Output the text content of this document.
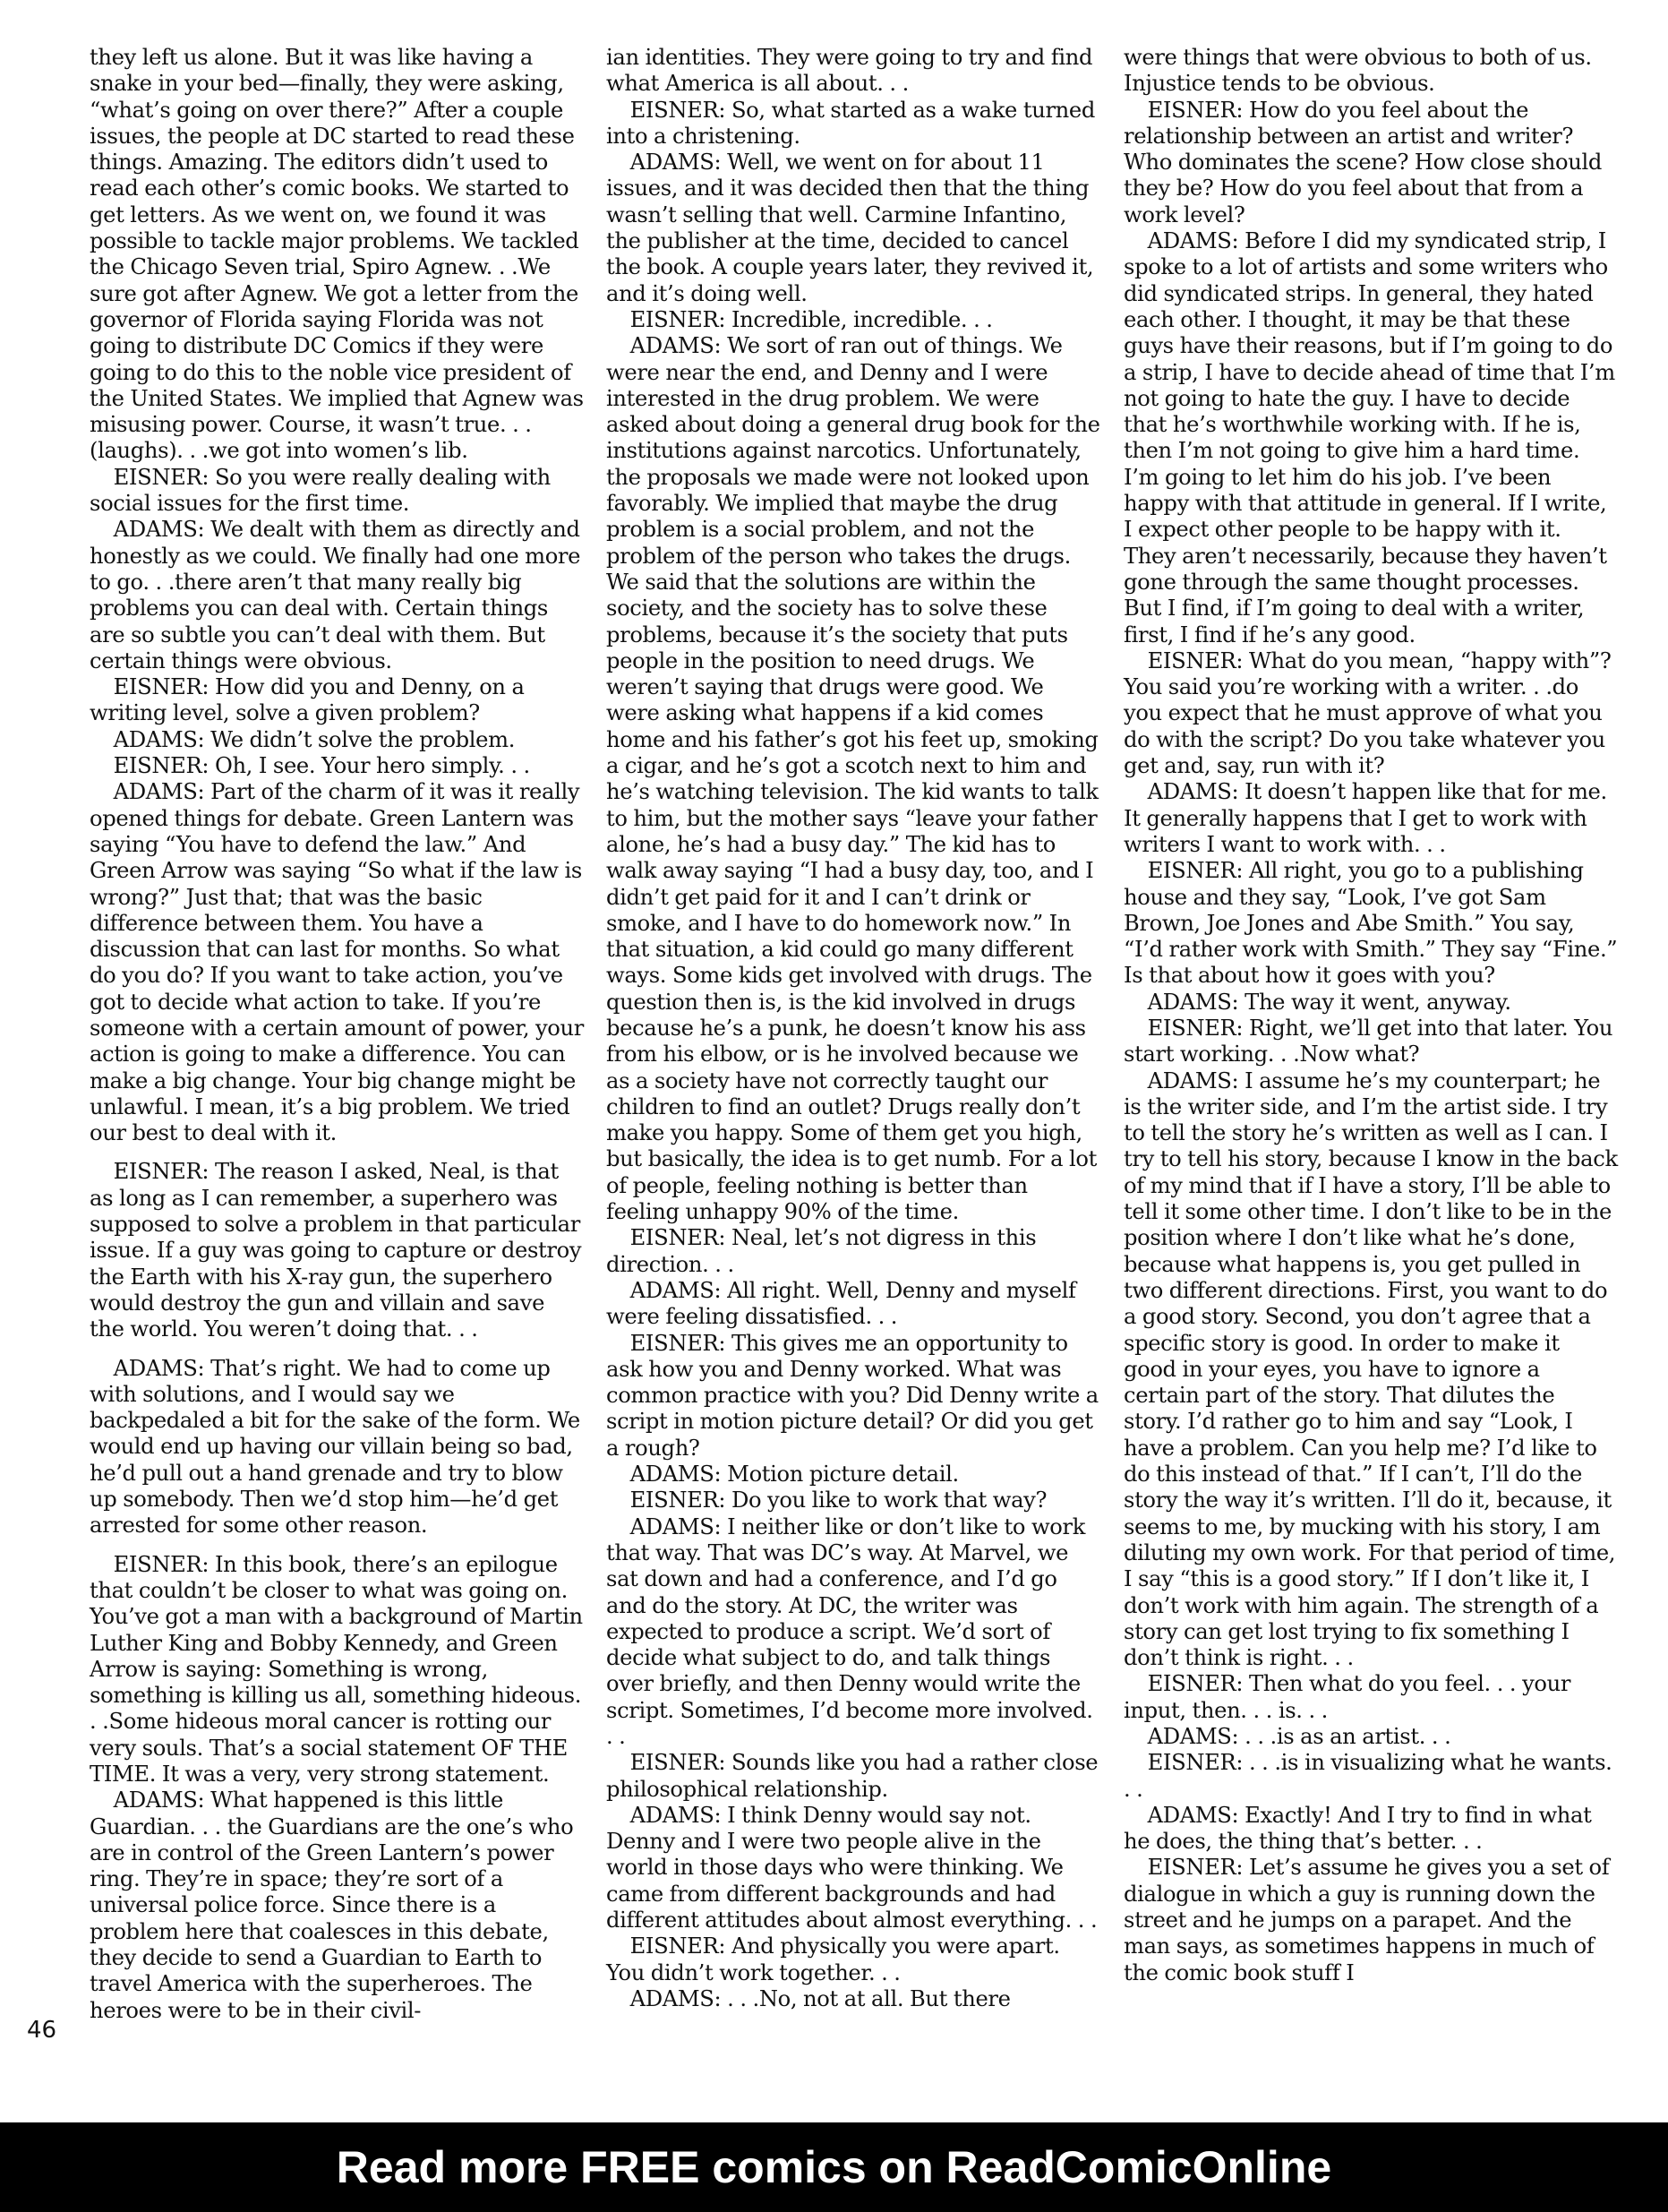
they left us alone. But it was like having a snake in your bed—finally, they were asking, “what’s going on over there?” After a couple issues, the people at DC started to read these things. Amazing. The editors didn’t used to read each other’s comic books. We started to get letters. As we went on, we found it was possible to tackle major problems. We tackled the Chicago Seven trial, Spiro Agnew. . .We sure got after Agnew. We got a letter from the governor of Florida saying Florida was not going to distribute DC Comics if they were going to do this to the noble vice president of the United States. We implied that Agnew was misusing power. Course, it wasn’t true. . .(laughs). . .we got into women’s lib.

EISNER: So you were really dealing with social issues for the first time.

ADAMS: We dealt with them as directly and honestly as we could. We finally had one more to go. . .there aren’t that many really big problems you can deal with. Certain things are so subtle you can’t deal with them. But certain things were obvious.

EISNER: How did you and Denny, on a writing level, solve a given problem?

ADAMS: We didn’t solve the problem.

EISNER: Oh, I see. Your hero simply. . .

ADAMS: Part of the charm of it was it really opened things for debate. Green Lantern was saying “You have to defend the law.” And Green Arrow was saying “So what if the law is wrong?” Just that; that was the basic difference between them. You have a discussion that can last for months. So what do you do? If you want to take action, you’ve got to decide what action to take. If you’re someone with a certain amount of power, your action is going to make a difference. You can make a big change. Your big change might be unlawful. I mean, it’s a big problem. We tried our best to deal with it.

EISNER: The reason I asked, Neal, is that as long as I can remember, a superhero was supposed to solve a problem in that particular issue. If a guy was going to capture or destroy the Earth with his X-ray gun, the superhero would destroy the gun and villain and save the world. You weren’t doing that. . .

ADAMS: That’s right. We had to come up with solutions, and I would say we backpedaled a bit for the sake of the form. We would end up having our villain being so bad, he’d pull out a hand grenade and try to blow up somebody. Then we’d stop him—he’d get arrested for some other reason.

EISNER: In this book, there’s an epilogue that couldn’t be closer to what was going on. You’ve got a man with a background of Martin Luther King and Bobby Kennedy, and Green Arrow is saying: Something is wrong, something is killing us all, something hideous. . .Some hideous moral cancer is rotting our very souls. That’s a social statement OF THE TIME. It was a very, very strong statement.

ADAMS: What happened is this little Guardian. . . the Guardians are the one’s who are in control of the Green Lantern’s power ring. They’re in space; they’re sort of a universal police force. Since there is a problem here that coalesces in this debate, they decide to send a Guardian to Earth to travel America with the superheroes. The heroes were to be in their civil-

ian identities. They were going to try and find what America is all about. . .

EISNER: So, what started as a wake turned into a christening.

ADAMS: Well, we went on for about 11 issues, and it was decided then that the thing wasn’t selling that well. Carmine Infantino, the publisher at the time, decided to cancel the book. A couple years later, they revived it, and it’s doing well.

EISNER: Incredible, incredible. . .

ADAMS: We sort of ran out of things. We were near the end, and Denny and I were interested in the drug problem. We were asked about doing a general drug book for the institutions against narcotics. Unfortunately, the proposals we made were not looked upon favorably. We implied that maybe the drug problem is a social problem, and not the problem of the person who takes the drugs. We said that the solutions are within the society, and the society has to solve these problems, because it’s the society that puts people in the position to need drugs. We weren’t saying that drugs were good. We were asking what happens if a kid comes home and his father’s got his feet up, smoking a cigar, and he’s got a scotch next to him and he’s watching television. The kid wants to talk to him, but the mother says “leave your father alone, he’s had a busy day.” The kid has to walk away saying “I had a busy day, too, and I didn’t get paid for it and I can’t drink or smoke, and I have to do homework now.” In that situation, a kid could go many different ways. Some kids get involved with drugs. The question then is, is the kid involved in drugs because he’s a punk, he doesn’t know his ass from his elbow, or is he involved because we as a society have not correctly taught our children to find an outlet? Drugs really don’t make you happy. Some of them get you high, but basically, the idea is to get numb. For a lot of people, feeling nothing is better than feeling unhappy 90% of the time.

EISNER: Neal, let’s not digress in this direction. . .

ADAMS: All right. Well, Denny and myself were feeling dissatisfied. . .

EISNER: This gives me an opportunity to ask how you and Denny worked. What was common practice with you? Did Denny write a script in motion picture detail? Or did you get a rough?

ADAMS: Motion picture detail.

EISNER: Do you like to work that way?

ADAMS: I neither like or don’t like to work that way. That was DC’s way. At Marvel, we sat down and had a conference, and I’d go and do the story. At DC, the writer was expected to produce a script. We’d sort of decide what subject to do, and talk things over briefly, and then Denny would write the script. Sometimes, I’d become more involved. . .

EISNER: Sounds like you had a rather close philosophical relationship.

ADAMS: I think Denny would say not. Denny and I were two people alive in the world in those days who were thinking. We came from different backgrounds and had different attitudes about almost everything. . .

EISNER: And physically you were apart. You didn’t work together. . .

ADAMS: . . .No, not at all. But there

were things that were obvious to both of us. Injustice tends to be obvious.

EISNER: How do you feel about the relationship between an artist and writer? Who dominates the scene? How close should they be? How do you feel about that from a work level?

ADAMS: Before I did my syndicated strip, I spoke to a lot of artists and some writers who did syndicated strips. In general, they hated each other. I thought, it may be that these guys have their reasons, but if I’m going to do a strip, I have to decide ahead of time that I’m not going to hate the guy. I have to decide that he’s worthwhile working with. If he is, then I’m not going to give him a hard time. I’m going to let him do his job. I’ve been happy with that attitude in general. If I write, I expect other people to be happy with it. They aren’t necessarily, because they haven’t gone through the same thought processes. But I find, if I’m going to deal with a writer, first, I find if he’s any good.

EISNER: What do you mean, “happy with”? You said you’re working with a writer. . .do you expect that he must approve of what you do with the script? Do you take whatever you get and, say, run with it?

ADAMS: It doesn’t happen like that for me. It generally happens that I get to work with writers I want to work with. . .

EISNER: All right, you go to a publishing house and they say, “Look, I’ve got Sam Brown, Joe Jones and Abe Smith.” You say, “I’d rather work with Smith.” They say “Fine.” Is that about how it goes with you?

ADAMS: The way it went, anyway.

EISNER: Right, we’ll get into that later. You start working. . .Now what?

ADAMS: I assume he’s my counterpart; he is the writer side, and I’m the artist side. I try to tell the story he’s written as well as I can. I try to tell his story, because I know in the back of my mind that if I have a story, I’ll be able to tell it some other time. I don’t like to be in the position where I don’t like what he’s done, because what happens is, you get pulled in two different directions. First, you want to do a good story. Second, you don’t agree that a specific story is good. In order to make it good in your eyes, you have to ignore a certain part of the story. That dilutes the story. I’d rather go to him and say “Look, I have a problem. Can you help me? I’d like to do this instead of that.” If I can’t, I’ll do the story the way it’s written. I’ll do it, because, it seems to me, by mucking with his story, I am diluting my own work. For that period of time, I say “this is a good story.” If I don’t like it, I don’t work with him again. The strength of a story can get lost trying to fix something I don’t think is right. . .

EISNER: Then what do you feel. . . your input, then. . . is. . .

ADAMS: . . .is as an artist. . .

EISNER: . . .is in visualizing what he wants. . .

ADAMS: Exactly! And I try to find in what he does, the thing that’s better. . .

EISNER: Let’s assume he gives you a set of dialogue in which a guy is running down the street and he jumps on a parapet. And the man says, as sometimes happens in much of the comic book stuff I

46
Read more FREE comics on ReadComicOnline
